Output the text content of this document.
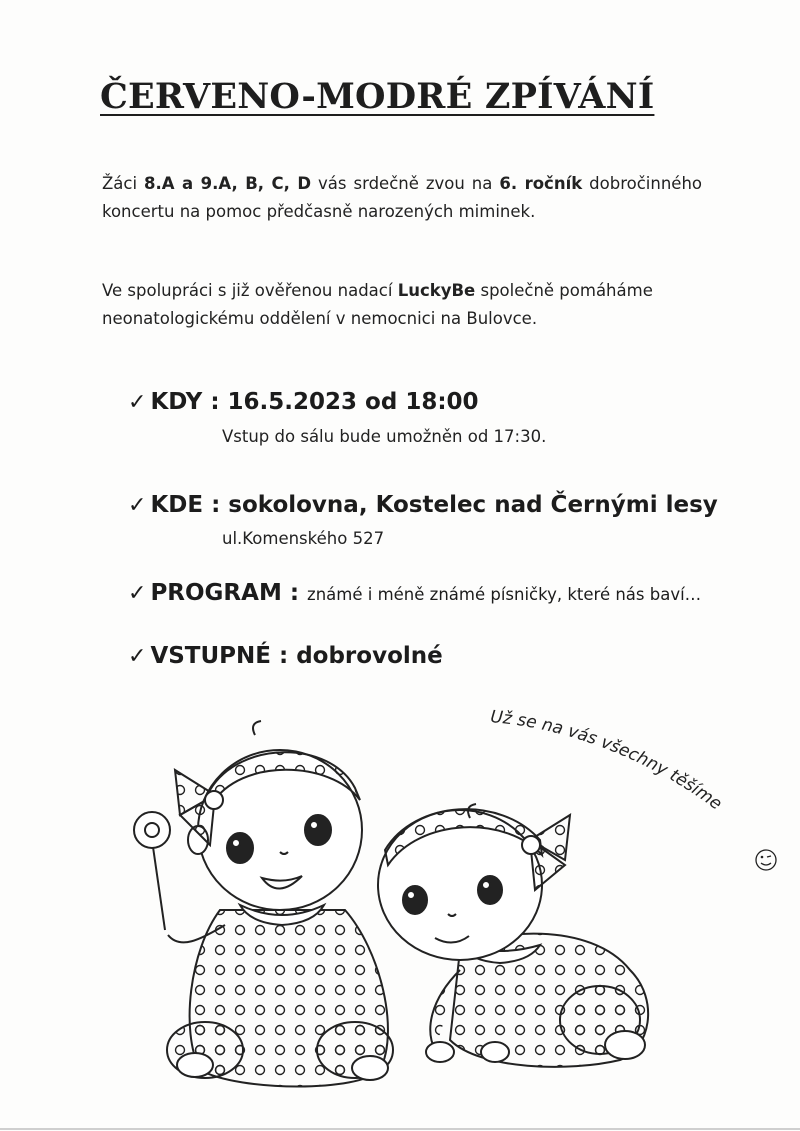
ČERVENO-MODRÉ ZPÍVÁNÍ

Žáci 8.A a 9.A, B, C, D vás srdečně zvou na 6. ročník dobročinného koncertu na pomoc předčasně narozených miminek.

Ve spolupráci s již ověřenou nadací LuckyBe společně pomáháme neonatologickému oddělení v nemocnici na Bulovce.

✓ KDY : 16.5.2023 od 18:00
Vstup do sálu bude umožněn od 17:30.
✓ KDE : sokolovna, Kostelec nad Černými lesy
ul.Komenského 527
✓ PROGRAM : známé i méně známé písničky, které nás baví…
✓ VSTUPNÉ : dobrovolné
Už se na vás všechny těšíme
